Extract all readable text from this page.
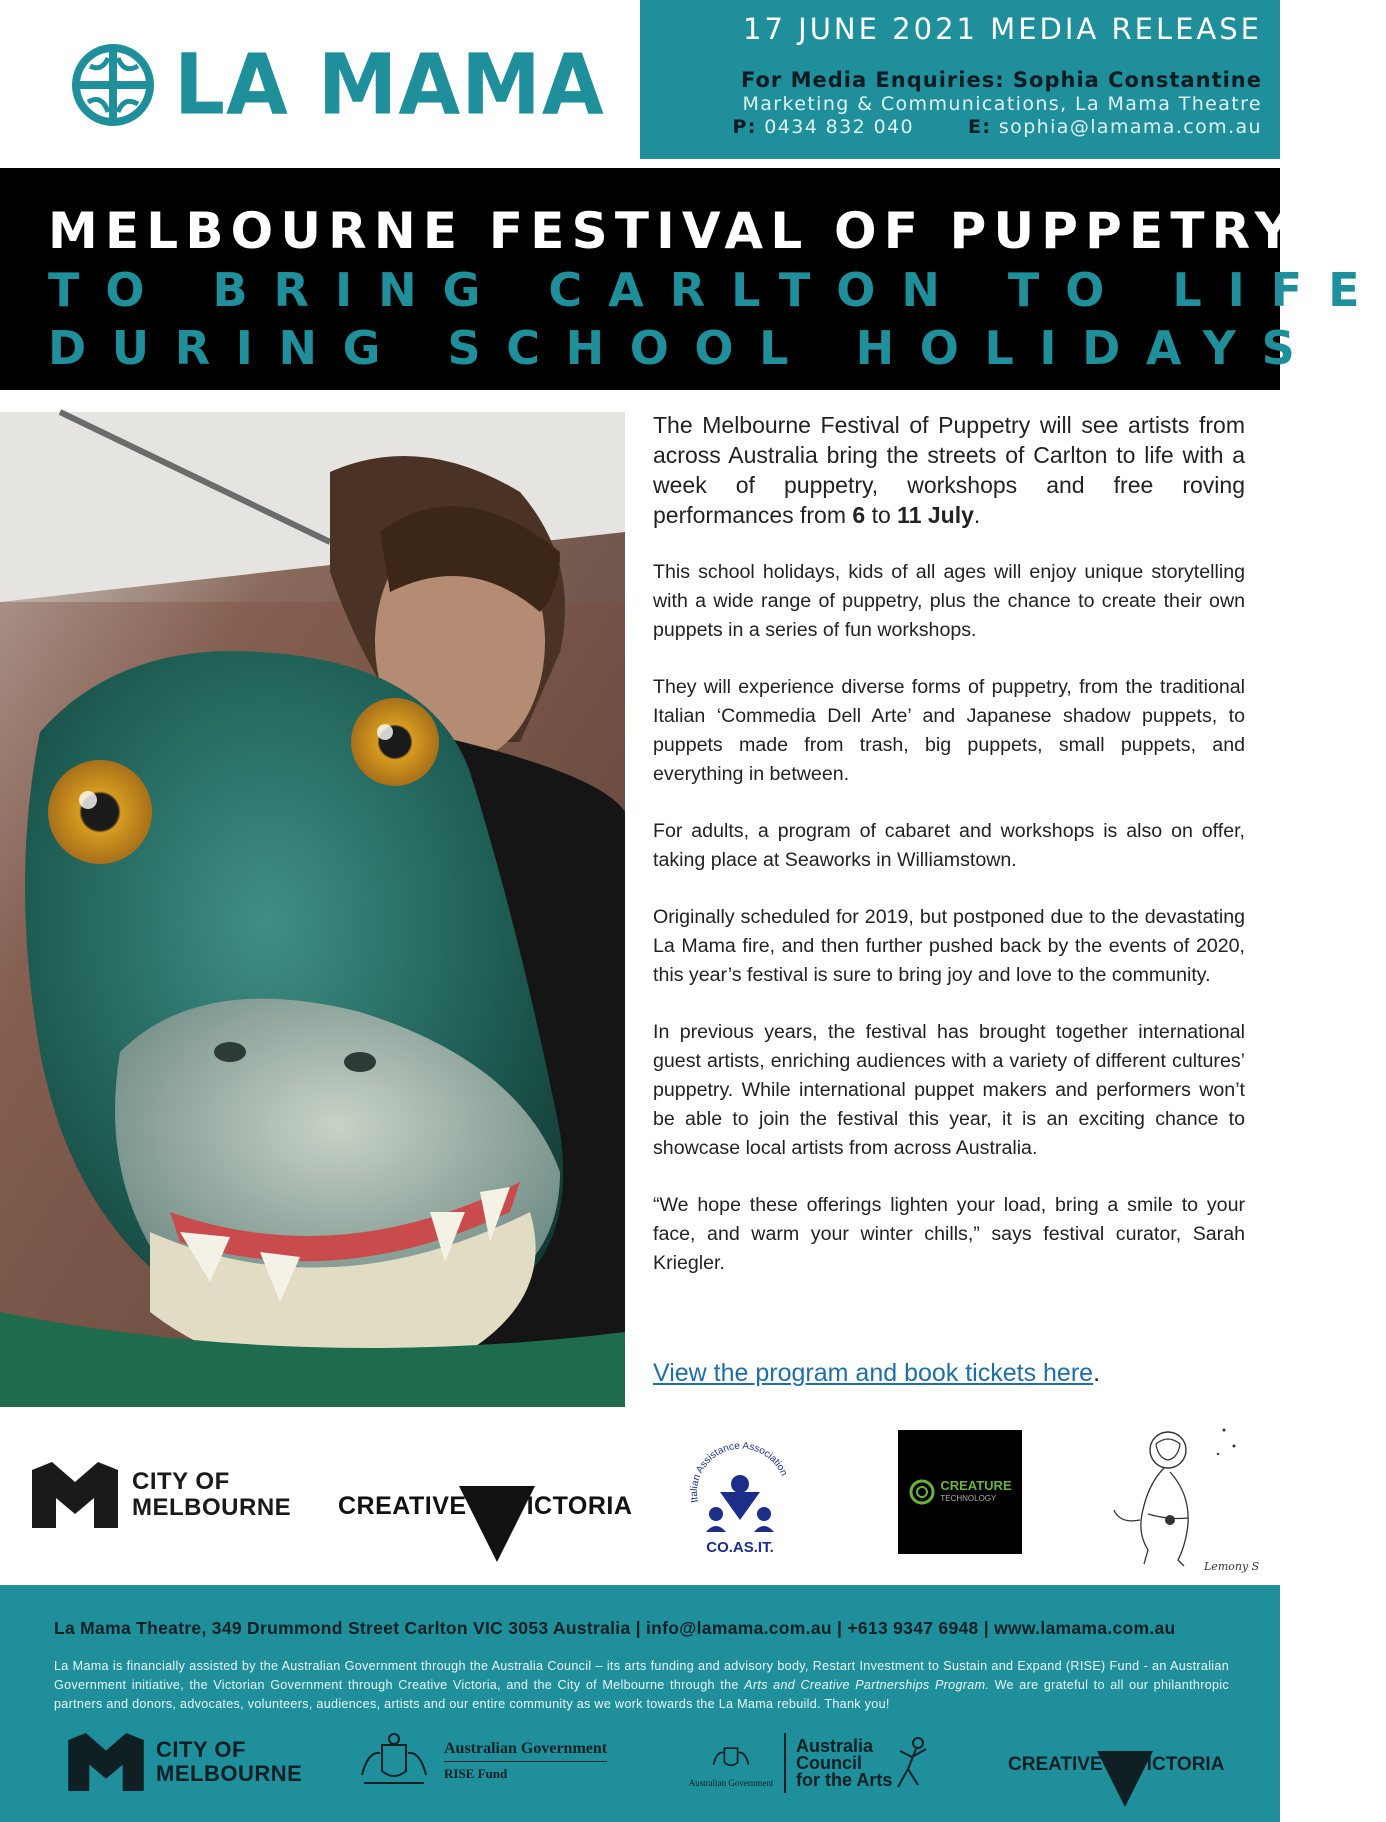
LA MAMA
17 JUNE 2021 MEDIA RELEASE
For Media Enquiries: Sophia Constantine
Marketing & Communications, La Mama Theatre
P: 0434 832 040	E: sophia@lamama.com.au
MELBOURNE FESTIVAL OF PUPPETRY
TO BRING CARLTON TO LIFE
DURING SCHOOL HOLIDAYS

The Melbourne Festival of Puppetry will see artists from across Australia bring the streets of Carlton to life with a week of puppetry, workshops and free roving performances from 6 to 11 July.

This school holidays, kids of all ages will enjoy unique storytelling with a wide range of puppetry, plus the chance to create their own puppets in a series of fun workshops.

They will experience diverse forms of puppetry, from the traditional Italian ‘Commedia Dell Arte’ and Japanese shadow puppets, to puppets made from trash, big puppets, small puppets, and everything in between.

For adults, a program of cabaret and workshops is also on offer, taking place at Seaworks in Williamstown.

Originally scheduled for 2019, but postponed due to the devastating La Mama fire, and then further pushed back by the events of 2020, this year’s festival is sure to bring joy and love to the community.

In previous years, the festival has brought together international guest artists, enriching audiences with a variety of different cultures’ puppetry. While international puppet makers and performers won’t be able to join the festival this year, it is an exciting chance to showcase local artists from across Australia.

“We hope these offerings lighten your load, bring a smile to your face, and warm your winter chills,” says festival curator, Sarah Kriegler.

View the program and book tickets here.
CITY OF
MELBOURNE CREATIVE ICTORIA	Italian Assistance Association
CO.AS.IT.
CREATURE
TECHNOLOGY
Lemony S
La Mama Theatre, 349 Drummond Street Carlton VIC 3053 Australia | info@lamama.com.au | +613 9347 6948 | www.lamama.com.au

La Mama is financially assisted by the Australian Government through the Australia Council – its arts funding and advisory body, Restart Investment to Sustain and Expand (RISE) Fund - an Australian Government initiative, the Victorian Government through Creative Victoria, and the City of Melbourne through the Arts and Creative Partnerships Program. We are grateful to all our philanthropic partners and donors, advocates, volunteers, audiences, artists and our entire community as we work towards the La Mama rebuild. Thank you!

CITY OF
MELBOURNE
Australian Government
RISE Fund
Australian Government
Australia
Council
for the Arts
CREATIVE ICTORIA
